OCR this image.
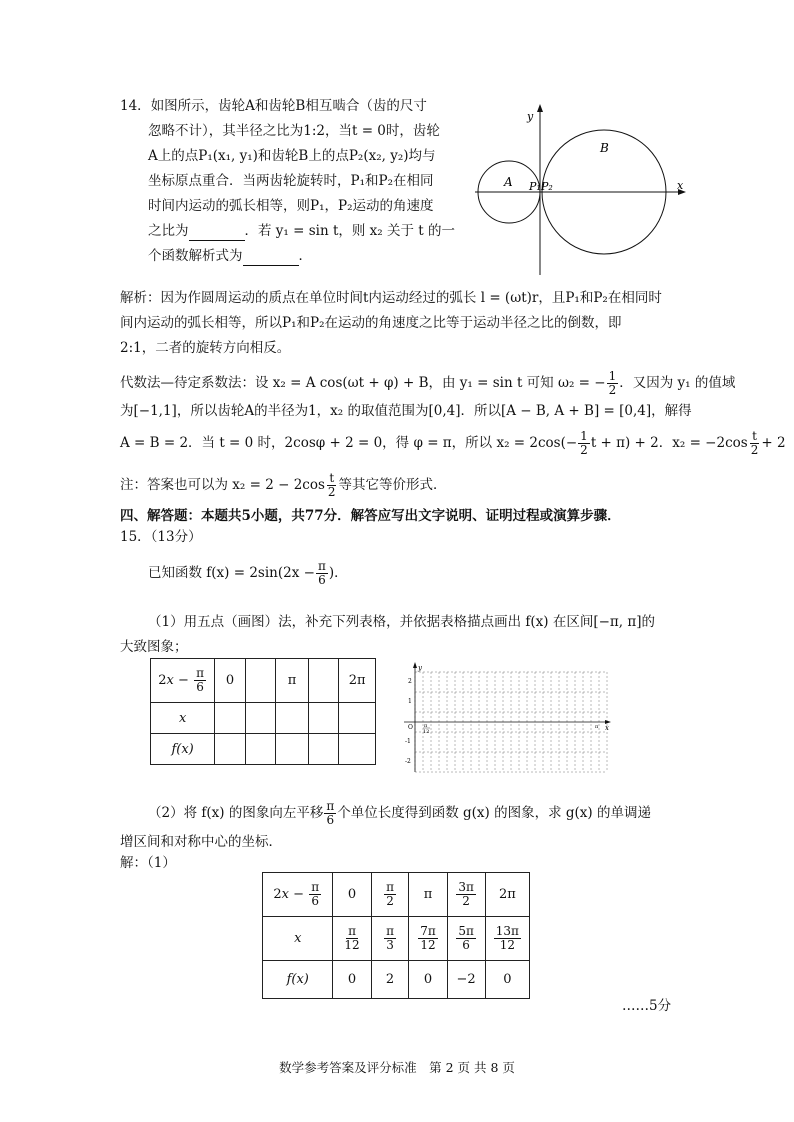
14．如图所示，齿轮A和齿轮B相互啮合（齿的尺寸
忽略不计），其半径之比为1:2，当t = 0时，齿轮
A上的点P₁(x₁, y₁)和齿轮B上的点P₂(x₂, y₂)均与
坐标原点重合．当两齿轮旋转时，P₁和P₂在相同
时间内运动的弧长相等，则P₁，P₂运动的角速度
之比为	．若 y₁ = sin t，则 x₂ 关于 t 的一
个函数解析式为	．
A
B
P₁ P₂	x
y
解析：因为作圆周运动的质点在单位时间t内运动经过的弧长 l = (ωt)r，且P₁和P₂在相同时
间内运动的弧长相等，所以P₁和P₂在运动的角速度之比等于运动半径之比的倒数，即
2:1，二者的旋转方向相反。
代数法—待定系数法：设 x₂ = A cos(ωt + φ) + B，由 y₁ = sin t 可知 ω₂ = − $\frac{1}{2}$ ．又因为 y₁ 的值域
为[−1,1]，所以齿轮A的半径为1，x₂ 的取值范围为[0,4]．所以[A − B, A + B] = [0,4]，解得
A = B = 2．当 t = 0 时，2cosφ + 2 = 0，得 φ = π，所以 $x_2 = 2\cos(- \frac{1}{2}$ t + π) + 2．$x_2 = -2\cos \frac{t}{2} + 2$
注：答案也可以为 $x_2 = 2 - 2\cos \frac{t}{2}$ 等其它等价形式．
四、解答题：本题共5小题，共77分．解答应写出文字说明、证明过程或演算步骤．
15．（13分）
已知函数 $f(x) = 2\sin(2x - \frac{\pi}{6}$ )．
（1）用五点（画图）法，补充下列表格，并依据表格描点画出 f(x) 在区间[−π, π]的
大致图象；
$2x - \frac{\pi}{6}$	0		π		2π
x					
f(x)					
y
x
O
2
1
-1
-2
π
12
π
（2）将 f(x) 的图象向左平移 $\frac{\pi}{6}$ 个单位长度得到函数 g(x) 的图象，求 g(x) 的单调递
增区间和对称中心的坐标．
解：（1）
$2x - \frac{\pi}{6}$	0	$\frac{\pi}{2}$	π	$\frac{3\pi}{2}$	2π
x	$\frac{\pi}{12}$	$\frac{\pi}{3}$	$\frac{7\pi}{12}$	$\frac{5\pi}{6}$	$\frac{13\pi}{12}$

f(x)	0	2	0	−2	0
……5分
数学参考答案及评分标准　第 2 页 共 8 页
